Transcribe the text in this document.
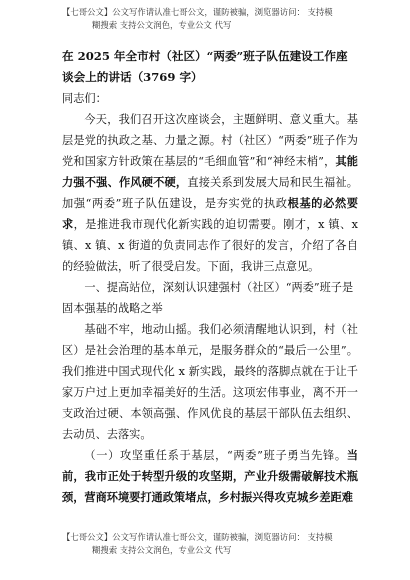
【七哥公文】公文写作请认准七哥公文，谨防被骗，浏览器访问： 支持模
糊搜索 支持公文润色，专业公文 代写

在 2025 年全市村（社区）“两委”班子队伍建设工作座谈会上的讲话（3769 字）

同志们：

今天，我们召开这次座谈会，主题鲜明、意义重大。基层是党的执政之基、力量之源。村（社区）“两委”班子作为党和国家方针政策在基层的“毛细血管”和“神经末梢”，其能力强不强、作风硬不硬，直接关系到发展大局和民生福祉。加强“两委”班子队伍建设，是夯实党的执政根基的必然要求，是推进我市现代化新实践的迫切需要。刚才，x 镇、x 镇、x 镇、x 街道的负责同志作了很好的发言，介绍了各自的经验做法，听了很受启发。下面，我讲三点意见。

一、提高站位，深刻认识建强村（社区）“两委”班子是固本强基的战略之举

基础不牢，地动山摇。我们必须清醒地认识到，村（社区）是社会治理的基本单元，是服务群众的“最后一公里”。我们推进中国式现代化 x 新实践，最终的落脚点就在于让千家万户过上更加幸福美好的生活。这项宏伟事业，离不开一支政治过硬、本领高强、作风优良的基层干部队伍去组织、去动员、去落实。

（一）攻坚重任系于基层，“两委”班子勇当先锋。当前，我市正处于转型升级的攻坚期，产业升级需破解技术瓶颈，营商环境要打通政策堵点，乡村振兴得攻克城乡差距难

【七哥公文】公文写作请认准七哥公文，谨防被骗，浏览器访问： 支持模
糊搜索 支持公文润色，专业公文 代写
